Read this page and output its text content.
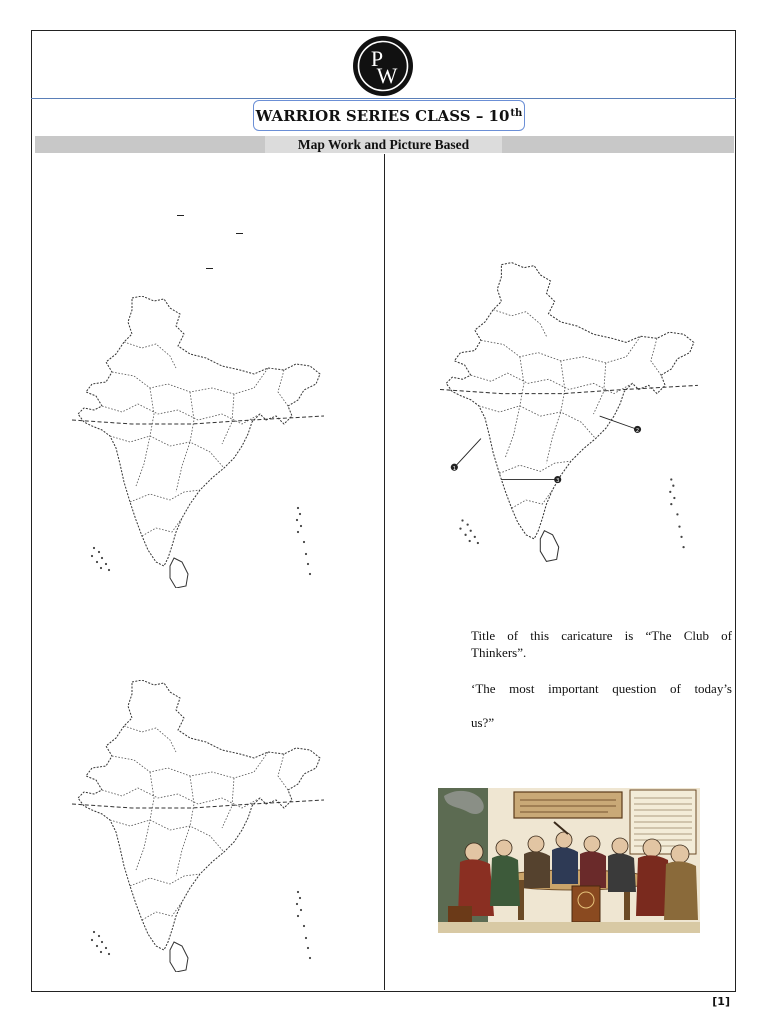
P
W
WARRIOR SERIES CLASS – 10th
Map Work and Picture Based
1
2
3
Title of this caricature is “The Club of
Thinkers”.
‘The most important question of today’s
us?”
[1]
